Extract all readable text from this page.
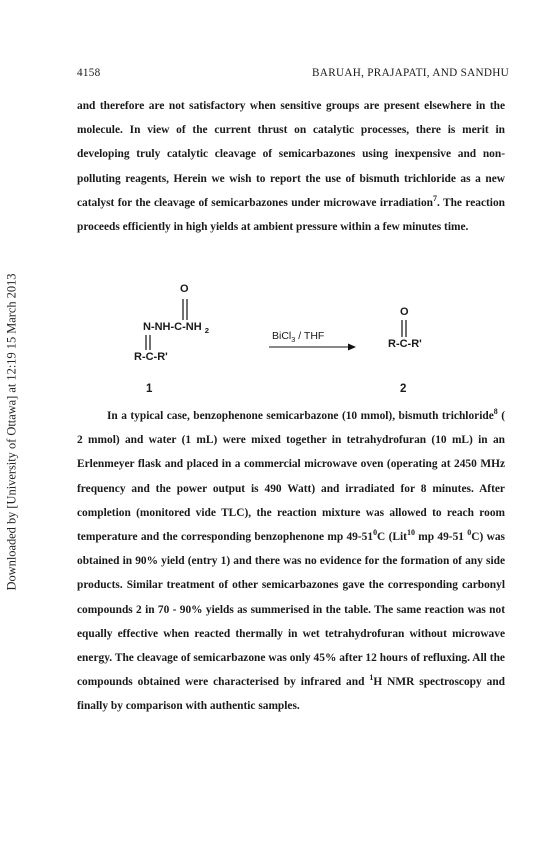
Downloaded by [University of Ottawa] at 12:19 15 March 2013
4158	BARUAH, PRAJAPATI, AND SANDHU
and therefore are not satisfactory when sensitive groups are present elsewhere in the molecule. In view of the current thrust on catalytic processes, there is merit in developing truly catalytic cleavage of semicarbazones using inexpensive and non-polluting reagents, Herein we wish to report the use of bismuth trichloride as a new catalyst for the cleavage of semicarbazones under microwave irradiation$^7$. The reaction proceeds efficiently in high yields at ambient pressure within a few minutes time.
O
N-NH-C-NH $_2$
R-C-R'
BiCl$_3$ / THF
O
R-C-R'
1	2
In a typical case, benzophenone semicarbazone (10 mmol), bismuth trichloride$^8$ ( 2 mmol) and water (1 mL) were mixed together in tetrahydrofuran (10 mL) in an Erlenmeyer flask and placed in a commercial microwave oven (operating at 2450 MHz frequency and the power output is 490 Watt) and irradiated for 8 minutes. After completion (monitored vide TLC), the reaction mixture was allowed to reach room temperature and the corresponding benzophenone mp $49-51^0C$ (Lit$^{10}$ mp 49-51 $^0$C) was obtained in 90% yield (entry 1) and there was no evidence for the formation of any side products. Similar treatment of other semicarbazones gave the corresponding carbonyl compounds 2 in 70 - 90% yields as summerised in the table. The same reaction was not equally effective when reacted thermally in wet tetrahydrofuran without microwave energy. The cleavage of semicarbazone was only 45% after 12 hours of refluxing. All the compounds obtained were characterised by infrared and $^1$H NMR spectroscopy and finally by comparison with authentic samples.
